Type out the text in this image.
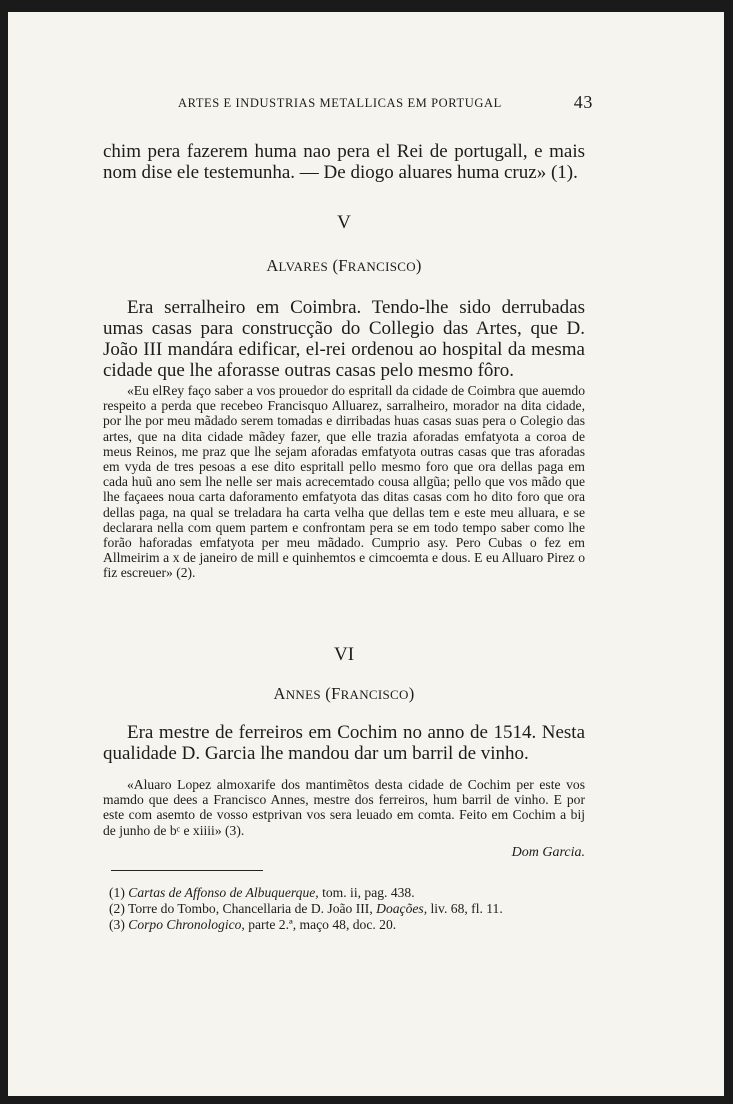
ARTES E INDUSTRIAS METALLICAS EM PORTUGAL	43

chim pera fazerem huma nao pera el Rei de portugall, e mais nom dise ele testemunha. — De diogo aluares huma cruz» (1).

V
ALVARES (FRANCISCO)

Era serralheiro em Coimbra. Tendo-lhe sido derrubadas umas casas para construcção do Collegio das Artes, que D. João III mandára edificar, el-rei ordenou ao hospital da mesma cidade que lhe aforasse outras casas pelo mesmo fôro.

«Eu elRey faço saber a vos prouedor do espritall da cidade de Coimbra que auemdo respeito a perda que recebeo Francisquo Alluarez, sarralheiro, morador na dita cidade, por lhe por meu mãdado serem tomadas e dirribadas huas casas suas pera o Colegio das artes, que na dita cidade mãdey fazer, que elle trazia aforadas emfatyota a coroa de meus Reinos, me praz que lhe sejam aforadas emfatyota outras casas que tras aforadas em vyda de tres pesoas a ese dito espritall pello mesmo foro que ora dellas paga em cada huũ ano sem lhe nelle ser mais acrecemtado cousa allgũa; pello que vos mãdo que lhe façaees noua carta daforamento emfatyota das ditas casas com ho dito foro que ora dellas paga, na qual se treladara ha carta velha que dellas tem e este meu alluara, e se declarara nella com quem partem e confrontam pera se em todo tempo saber como lhe forão haforadas emfatyota per meu mãdado. Cumprio asy. Pero Cubas o fez em Allmeirim a x de janeiro de mill e quinhemtos e cimcoemta e dous. E eu Alluaro Pirez o fiz escreuer» (2).

VI
ANNES (FRANCISCO)

Era mestre de ferreiros em Cochim no anno de 1514. Nesta qualidade D. Garcia lhe mandou dar um barril de vinho.

«Aluaro Lopez almoxarife dos mantimẽtos desta cidade de Cochim per este vos mamdo que dees a Francisco Annes, mestre dos ferreiros, hum barril de vinho. E por este com asemto de vosso estprivan vos sera leuado em comta. Feito em Cochim a bij de junho de bᶜ e xiiii» (3).

Dom Garcia.

(1) Cartas de Affonso de Albuquerque, tom. ii, pag. 438.

(2) Torre do Tombo, Chancellaria de D. João III, Doações, liv. 68, fl. 11.

(3) Corpo Chronologico, parte 2.ª, maço 48, doc. 20.
